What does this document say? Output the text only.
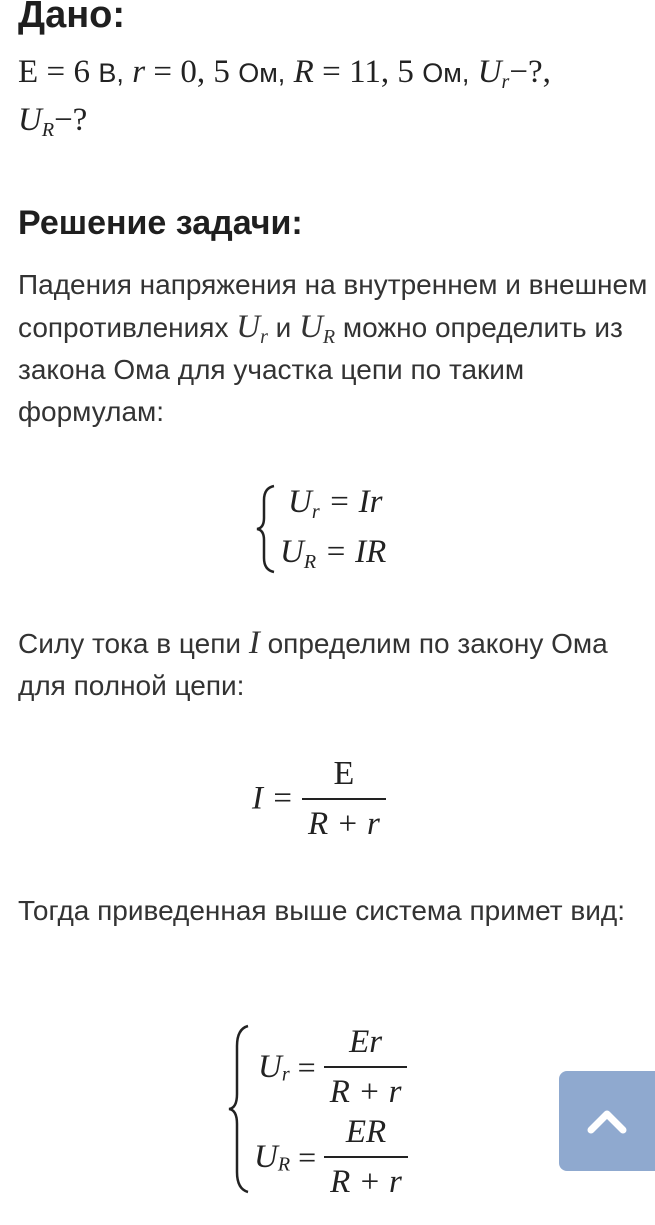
Дано:
E = 6 В, r = 0, 5 Ом, R = 11, 5 Ом, $U_r-$?,
$U_R-$?
Решение задачи:

Падения напряжения на внутреннем и внешнем сопротивлениях $U_r$ и $U_R$ можно определить из закона Ома для участка цепи по таким формулам:

$U_r = Ir$
$U_R$ = IR

Силу тока в цепи I определим по закону Ома для полной цепи:

$I = \frac{E}{R + r}$

Тогда приведенная выше система примет вид:

$U_r = \frac{Er}{R + r}$
$U_R = \frac{ER}{R + r}$
